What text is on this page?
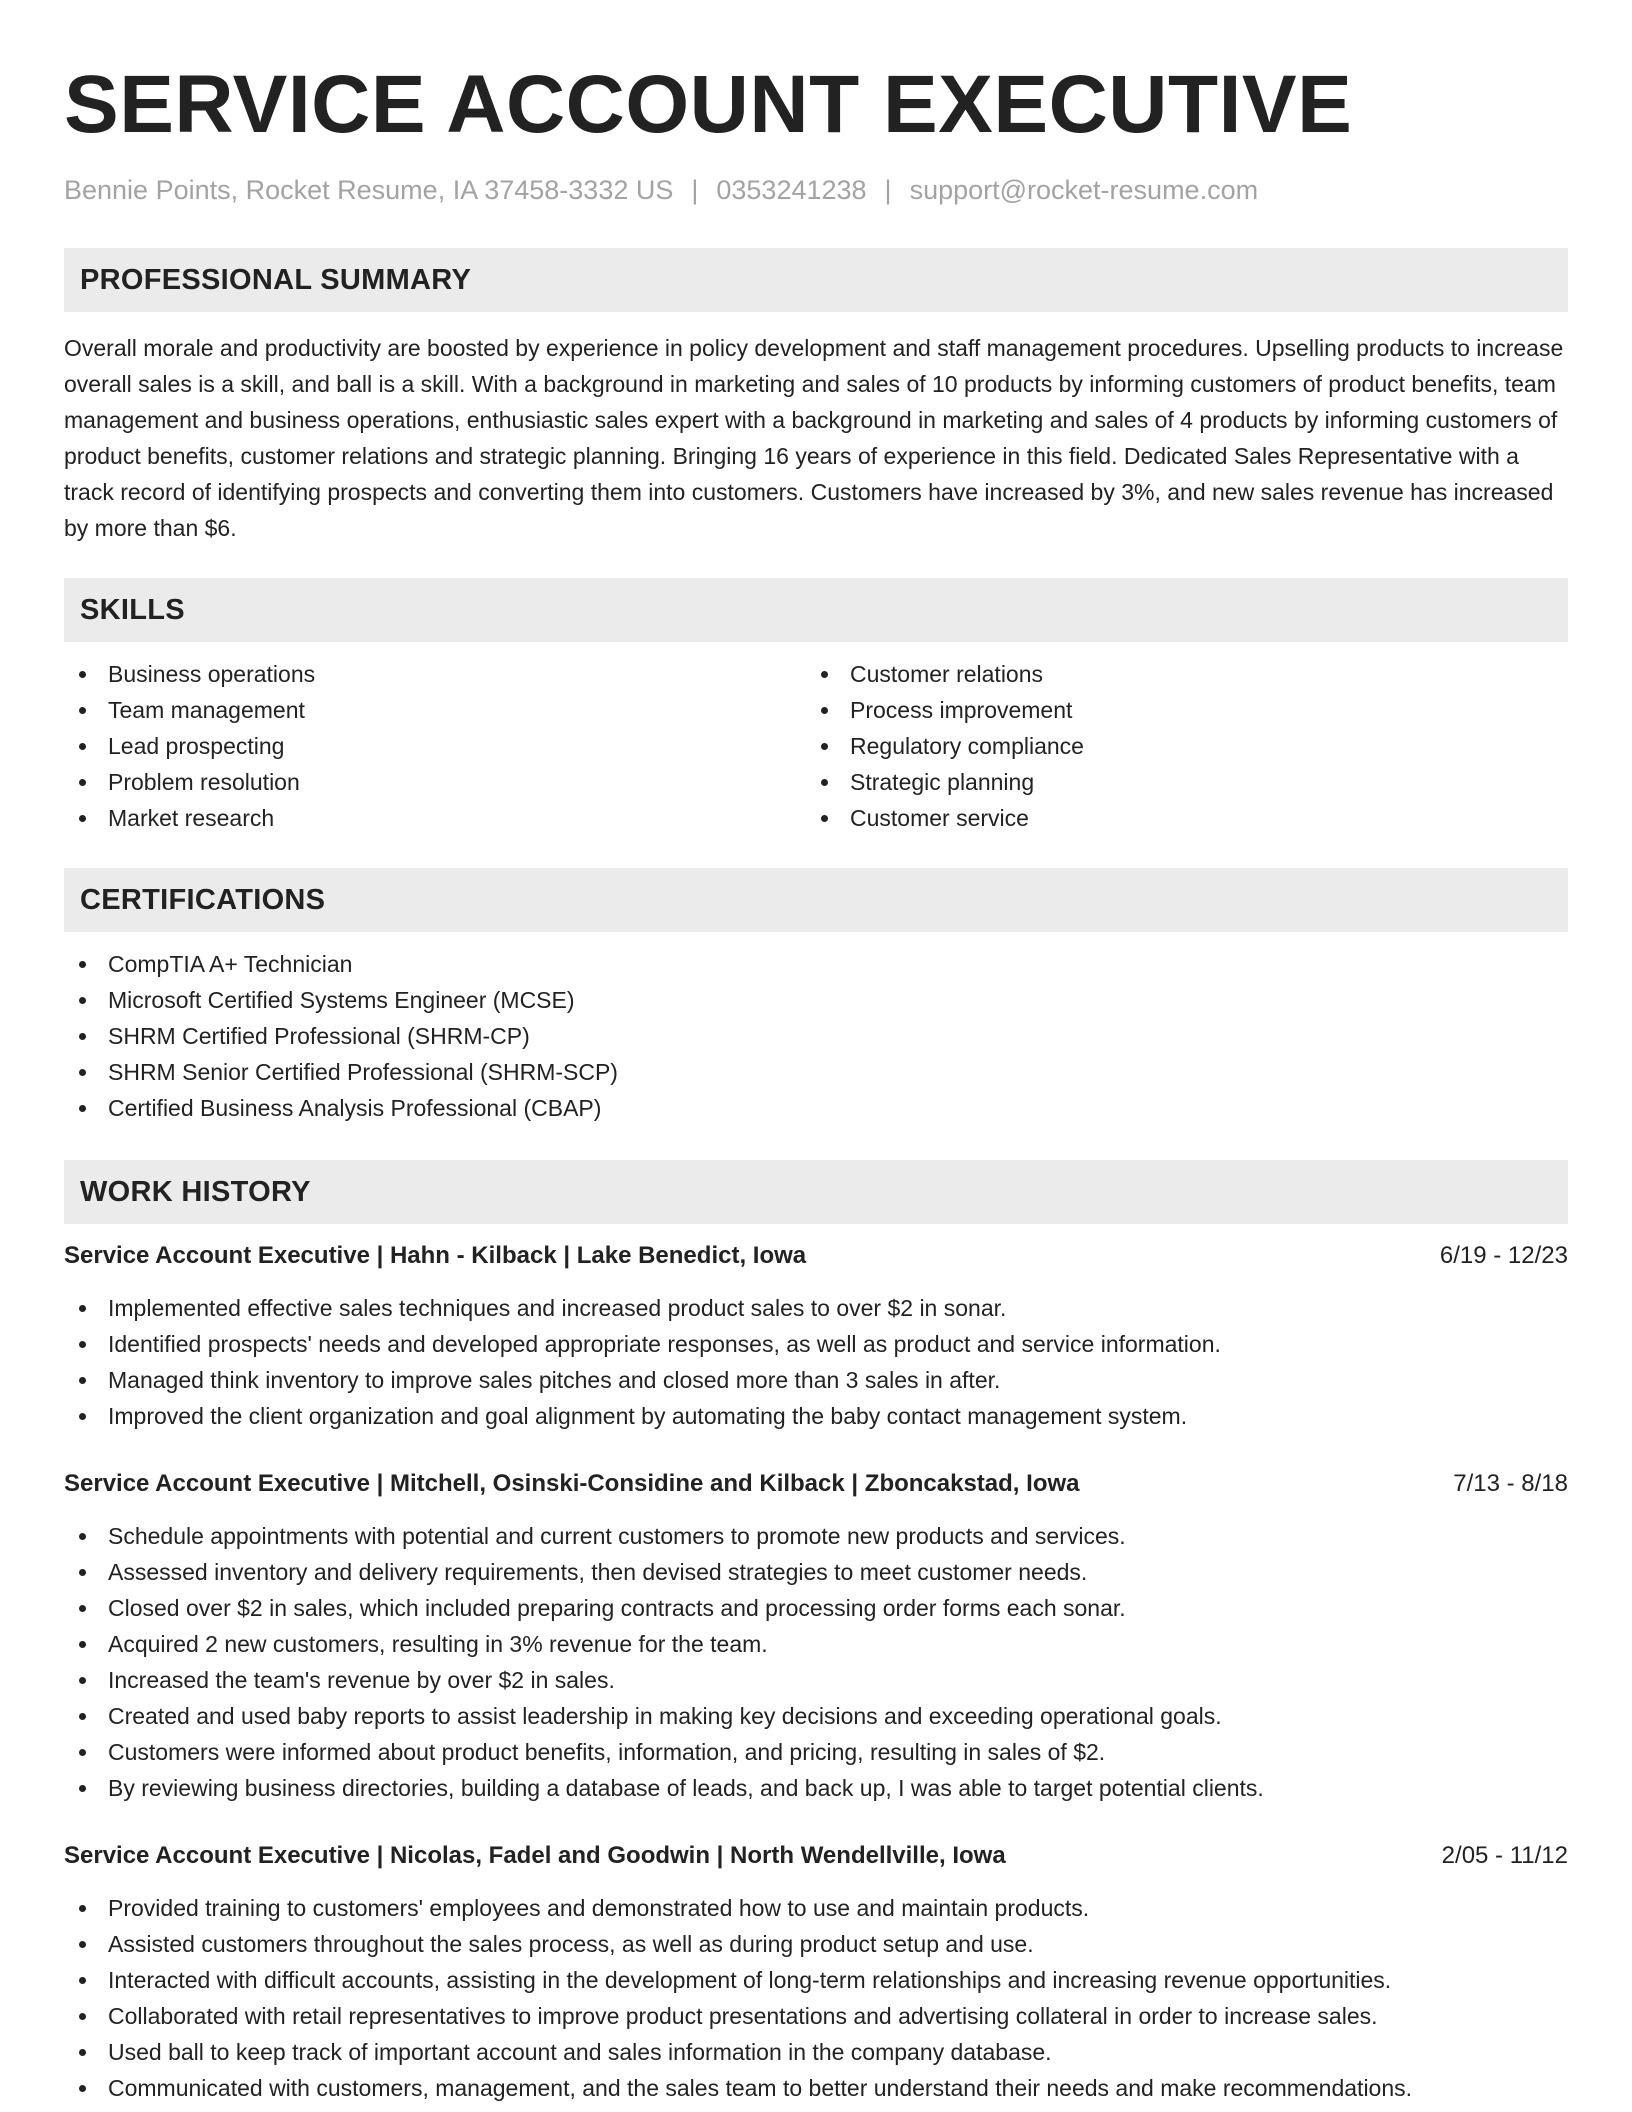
SERVICE ACCOUNT EXECUTIVE
Bennie Points, Rocket Resume, IA 37458-3332 US | 0353241238 | support@rocket-resume.com
PROFESSIONAL SUMMARY

Overall morale and productivity are boosted by experience in policy development and staff management procedures. Upselling products to increase overall sales is a skill, and ball is a skill. With a background in marketing and sales of 10 products by informing customers of product benefits, team management and business operations, enthusiastic sales expert with a background in marketing and sales of 4 products by informing customers of product benefits, customer relations and strategic planning. Bringing 16 years of experience in this field. Dedicated Sales Representative with a track record of identifying prospects and converting them into customers. Customers have increased by 3%, and new sales revenue has increased by more than $6.

SKILLS
Business operations
Team management
Lead prospecting
Problem resolution
Market research
Customer relations
Process improvement
Regulatory compliance
Strategic planning
Customer service
CERTIFICATIONS
CompTIA A+ Technician
Microsoft Certified Systems Engineer (MCSE)
SHRM Certified Professional (SHRM-CP)
SHRM Senior Certified Professional (SHRM-SCP)
Certified Business Analysis Professional (CBAP)
WORK HISTORY
Service Account Executive | Hahn - Kilback | Lake Benedict, Iowa	6/19 - 12/23
Implemented effective sales techniques and increased product sales to over $2 in sonar.
Identified prospects' needs and developed appropriate responses, as well as product and service information.
Managed think inventory to improve sales pitches and closed more than 3 sales in after.
Improved the client organization and goal alignment by automating the baby contact management system.
Service Account Executive | Mitchell, Osinski-Considine and Kilback | Zboncakstad, Iowa	7/13 - 8/18
Schedule appointments with potential and current customers to promote new products and services.
Assessed inventory and delivery requirements, then devised strategies to meet customer needs.
Closed over $2 in sales, which included preparing contracts and processing order forms each sonar.
Acquired 2 new customers, resulting in 3% revenue for the team.
Increased the team's revenue by over $2 in sales.
Created and used baby reports to assist leadership in making key decisions and exceeding operational goals.
Customers were informed about product benefits, information, and pricing, resulting in sales of $2.
By reviewing business directories, building a database of leads, and back up, I was able to target potential clients.
Service Account Executive | Nicolas, Fadel and Goodwin | North Wendellville, Iowa	2/05 - 11/12
Provided training to customers' employees and demonstrated how to use and maintain products.
Assisted customers throughout the sales process, as well as during product setup and use.
Interacted with difficult accounts, assisting in the development of long-term relationships and increasing revenue opportunities.
Collaborated with retail representatives to improve product presentations and advertising collateral in order to increase sales.
Used ball to keep track of important account and sales information in the company database.
Communicated with customers, management, and the sales team to better understand their needs and make recommendations.
